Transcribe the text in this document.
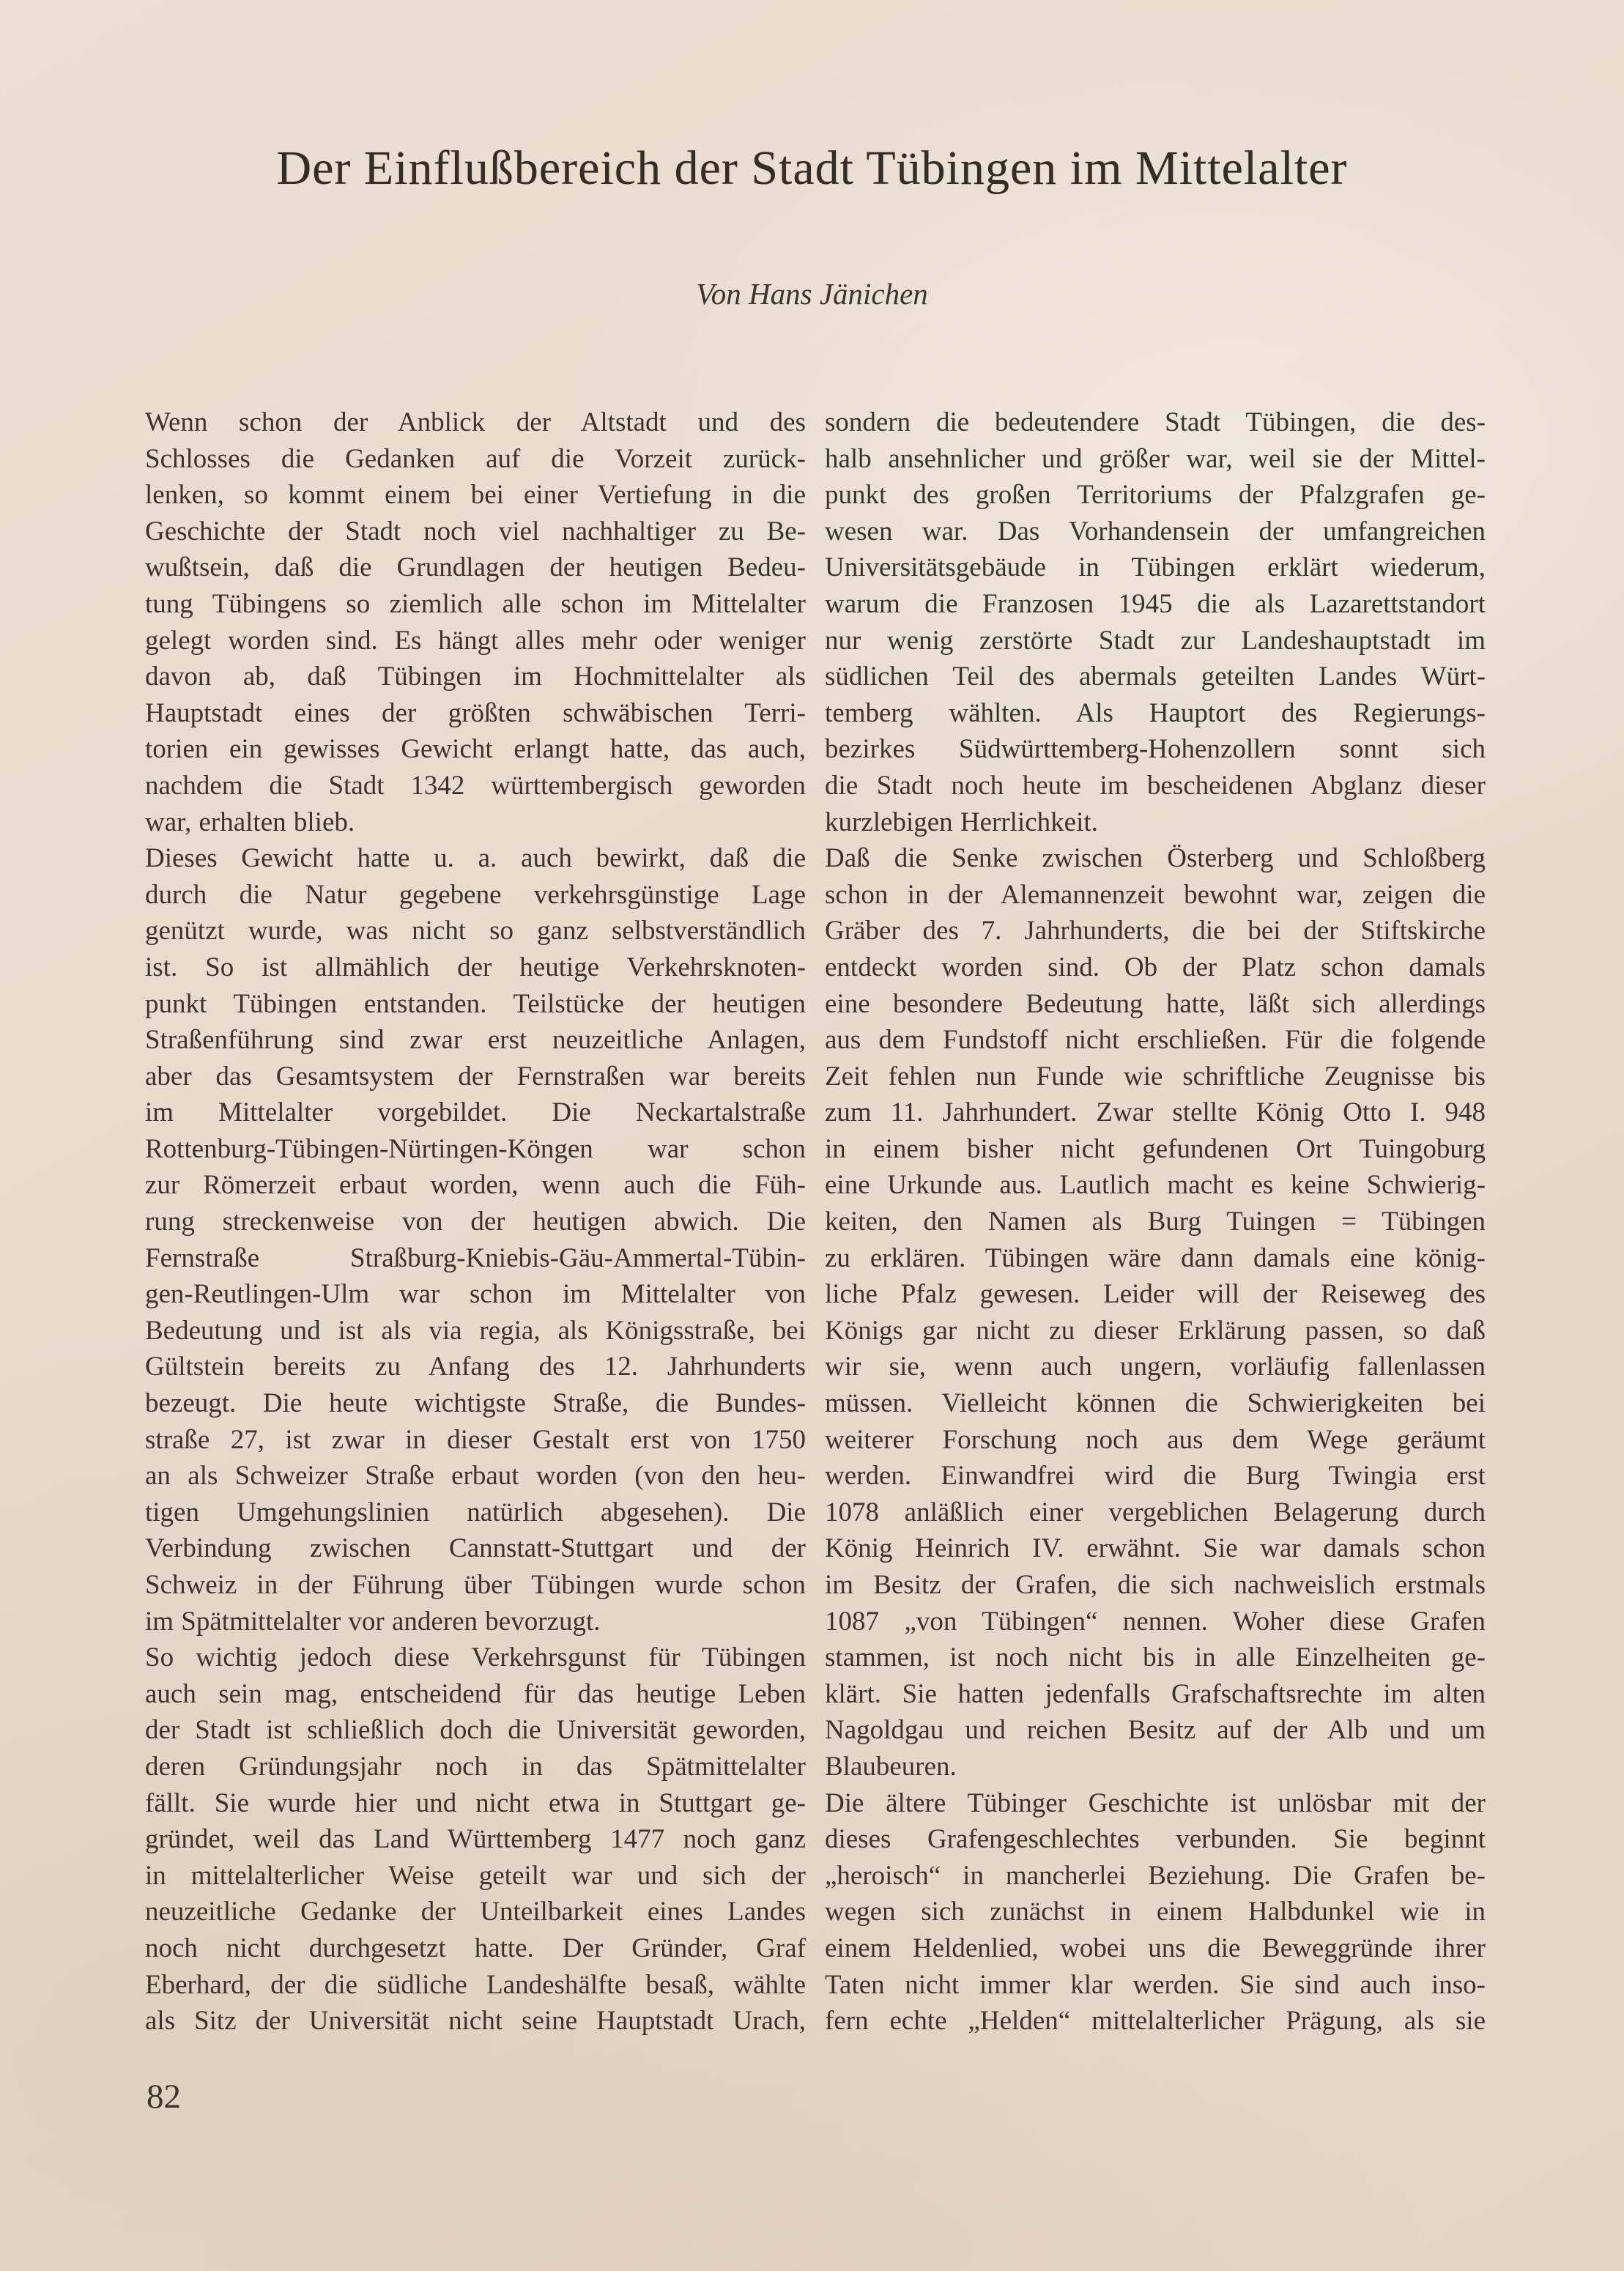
Der Einflußbereich der Stadt Tübingen im Mittelalter
Von Hans Jänichen
Wenn schon der Anblick der Altstadt und des
Schlosses die Gedanken auf die Vorzeit zurück-
lenken, so kommt einem bei einer Vertiefung in die
Geschichte der Stadt noch viel nachhaltiger zu Be-
wußtsein, daß die Grundlagen der heutigen Bedeu-
tung Tübingens so ziemlich alle schon im Mittelalter
gelegt worden sind. Es hängt alles mehr oder weniger
davon ab, daß Tübingen im Hochmittelalter als
Hauptstadt eines der größten schwäbischen Terri-
torien ein gewisses Gewicht erlangt hatte, das auch,
nachdem die Stadt 1342 württembergisch geworden
war, erhalten blieb.
Dieses Gewicht hatte u. a. auch bewirkt, daß die
durch die Natur gegebene verkehrsgünstige Lage
genützt wurde, was nicht so ganz selbstverständlich
ist. So ist allmählich der heutige Verkehrsknoten-
punkt Tübingen entstanden. Teilstücke der heutigen
Straßenführung sind zwar erst neuzeitliche Anlagen,
aber das Gesamtsystem der Fernstraßen war bereits
im Mittelalter vorgebildet. Die Neckartalstraße
Rottenburg-Tübingen-Nürtingen-Köngen war schon
zur Römerzeit erbaut worden, wenn auch die Füh-
rung streckenweise von der heutigen abwich. Die
Fernstraße Straßburg-Kniebis-Gäu-Ammertal-Tübin-
gen-Reutlingen-Ulm war schon im Mittelalter von
Bedeutung und ist als via regia, als Königsstraße, bei
Gültstein bereits zu Anfang des 12. Jahrhunderts
bezeugt. Die heute wichtigste Straße, die Bundes-
straße 27, ist zwar in dieser Gestalt erst von 1750
an als Schweizer Straße erbaut worden (von den heu-
tigen Umgehungslinien natürlich abgesehen). Die
Verbindung zwischen Cannstatt-Stuttgart und der
Schweiz in der Führung über Tübingen wurde schon
im Spätmittelalter vor anderen bevorzugt.
So wichtig jedoch diese Verkehrsgunst für Tübingen
auch sein mag, entscheidend für das heutige Leben
der Stadt ist schließlich doch die Universität geworden,
deren Gründungsjahr noch in das Spätmittelalter
fällt. Sie wurde hier und nicht etwa in Stuttgart ge-
gründet, weil das Land Württemberg 1477 noch ganz
in mittelalterlicher Weise geteilt war und sich der
neuzeitliche Gedanke der Unteilbarkeit eines Landes
noch nicht durchgesetzt hatte. Der Gründer, Graf
Eberhard, der die südliche Landeshälfte besaß, wählte
als Sitz der Universität nicht seine Hauptstadt Urach,
sondern die bedeutendere Stadt Tübingen, die des-
halb ansehnlicher und größer war, weil sie der Mittel-
punkt des großen Territoriums der Pfalzgrafen ge-
wesen war. Das Vorhandensein der umfangreichen
Universitätsgebäude in Tübingen erklärt wiederum,
warum die Franzosen 1945 die als Lazarettstandort
nur wenig zerstörte Stadt zur Landeshauptstadt im
südlichen Teil des abermals geteilten Landes Würt-
temberg wählten. Als Hauptort des Regierungs-
bezirkes Südwürttemberg-Hohenzollern sonnt sich
die Stadt noch heute im bescheidenen Abglanz dieser
kurzlebigen Herrlichkeit.
Daß die Senke zwischen Österberg und Schloßberg
schon in der Alemannenzeit bewohnt war, zeigen die
Gräber des 7. Jahrhunderts, die bei der Stiftskirche
entdeckt worden sind. Ob der Platz schon damals
eine besondere Bedeutung hatte, läßt sich allerdings
aus dem Fundstoff nicht erschließen. Für die folgende
Zeit fehlen nun Funde wie schriftliche Zeugnisse bis
zum 11. Jahrhundert. Zwar stellte König Otto I. 948
in einem bisher nicht gefundenen Ort Tuingoburg
eine Urkunde aus. Lautlich macht es keine Schwierig-
keiten, den Namen als Burg Tuingen = Tübingen
zu erklären. Tübingen wäre dann damals eine könig-
liche Pfalz gewesen. Leider will der Reiseweg des
Königs gar nicht zu dieser Erklärung passen, so daß
wir sie, wenn auch ungern, vorläufig fallenlassen
müssen. Vielleicht können die Schwierigkeiten bei
weiterer Forschung noch aus dem Wege geräumt
werden. Einwandfrei wird die Burg Twingia erst
1078 anläßlich einer vergeblichen Belagerung durch
König Heinrich IV. erwähnt. Sie war damals schon
im Besitz der Grafen, die sich nachweislich erstmals
1087 „von Tübingen“ nennen. Woher diese Grafen
stammen, ist noch nicht bis in alle Einzelheiten ge-
klärt. Sie hatten jedenfalls Grafschaftsrechte im alten
Nagoldgau und reichen Besitz auf der Alb und um
Blaubeuren.
Die ältere Tübinger Geschichte ist unlösbar mit der
dieses Grafengeschlechtes verbunden. Sie beginnt
„heroisch“ in mancherlei Beziehung. Die Grafen be-
wegen sich zunächst in einem Halbdunkel wie in
einem Heldenlied, wobei uns die Beweggründe ihrer
Taten nicht immer klar werden. Sie sind auch inso-
fern echte „Helden“ mittelalterlicher Prägung, als sie
82
